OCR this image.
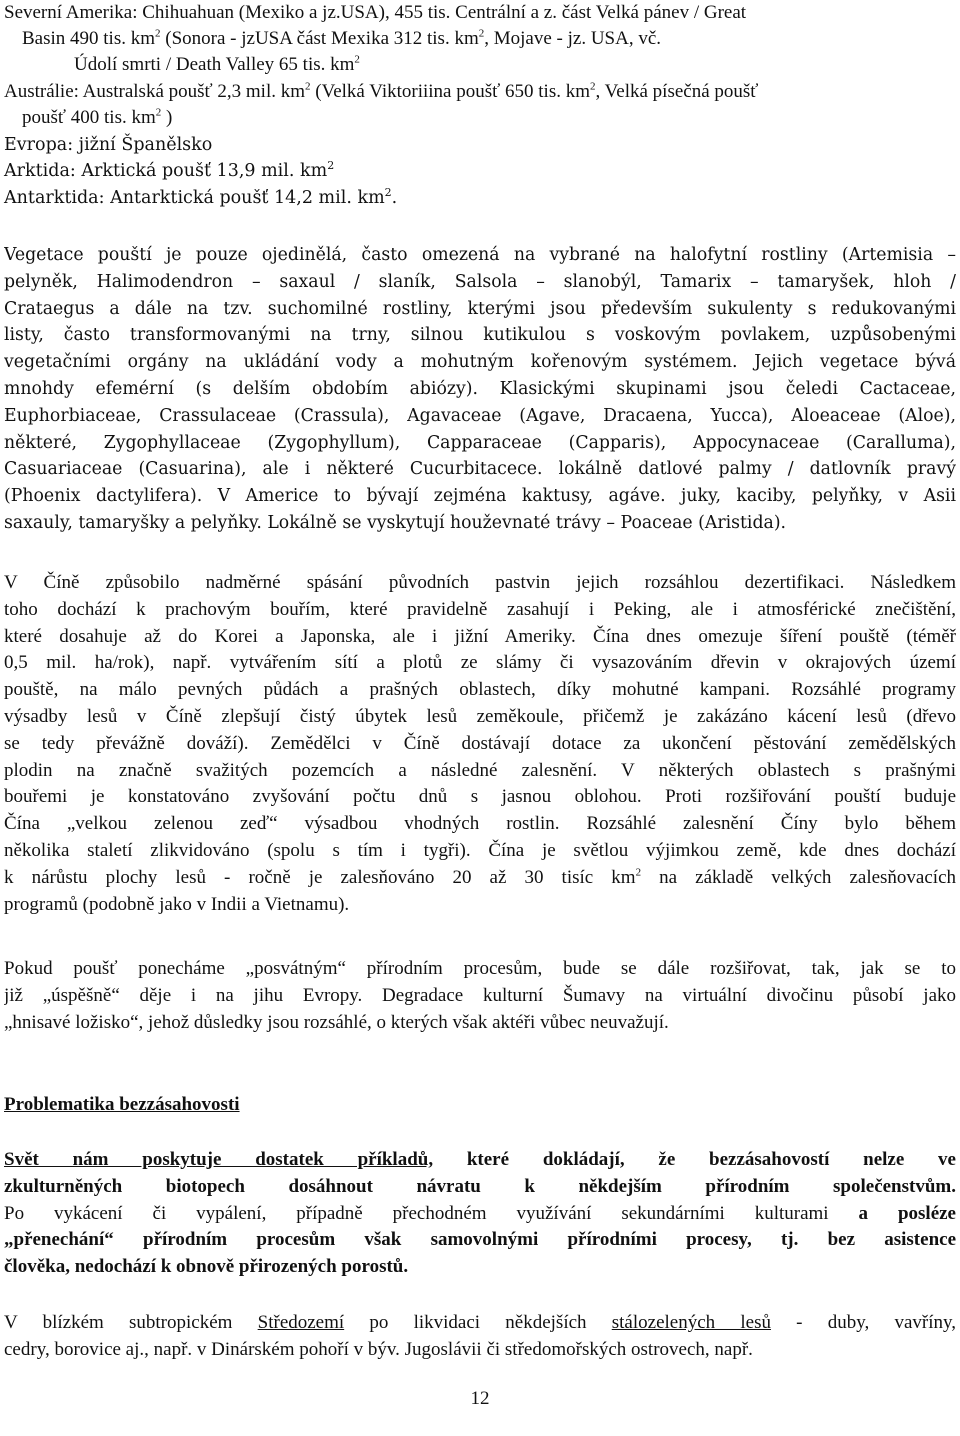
Severní Amerika: Chihuahuan (Mexiko a jz.USA), 455 tis. Centrální a z. část Velká pánev / Great
Basin 490 tis. $km^2$ (Sonora - jzUSA část Mexika 312 tis. $km^2$, Mojave - jz. USA, vč.
Údolí smrti / Death Valley 65 tis. $km^2$
Austrálie: Australská poušť 2,3 mil. $km^2$ (Velká Viktoriiina poušť 650 tis. $km^2$, Velká písečná poušť
poušť 400 tis. $km^2$ )
Evropa: jižní Španělsko
Arktida: Arktická poušť 13,9 mil. $km^2$
Antarktida: Antarktická poušť 14,2 mil. $km^2$.
Vegetace pouští je pouze ojedinělá, často omezená na vybrané na halofytní rostliny (Artemisia –
pelyněk, Halimodendron – saxaul / slaník, Salsola – slanobýl, Tamarix – tamaryšek, hloh /
Crataegus a dále na tzv. suchomilné rostliny, kterými jsou především sukulenty s redukovanými
listy, často transformovanými na trny, silnou kutikulou s voskovým povlakem, uzpůsobenými
vegetačními orgány na ukládání vody a mohutným kořenovým systémem. Jejich vegetace bývá
mnohdy efemérní (s delším obdobím abiózy). Klasickými skupinami jsou čeledi Cactaceae,
Euphorbiaceae, Crassulaceae (Crassula), Agavaceae (Agave, Dracaena, Yucca), Aloeaceae (Aloe),
některé, Zygophyllaceae (Zygophyllum), Capparaceae (Capparis), Appocynaceae (Caralluma),
Casuariaceae (Casuarina), ale i některé Cucurbitacece. lokálně datlové palmy / datlovník pravý
(Phoenix dactylifera). V Americe to bývají zejména kaktusy, agáve. juky, kaciby, pelyňky, v Asii
saxauly, tamaryšky a pelyňky. Lokálně se vyskytují houževnaté trávy – Poaceae (Aristida).
V Číně způsobilo nadměrné spásání původních pastvin jejich rozsáhlou dezertifikaci. Následkem
toho dochází k prachovým bouřím, které pravidelně zasahují i Peking, ale i atmosférické znečištění,
které dosahuje až do Korei a Japonska, ale i jižní Ameriky. Čína dnes omezuje šíření pouště (téměř
0,5 mil. ha/rok), např. vytvářením sítí a plotů ze slámy či vysazováním dřevin v okrajových území
pouště, na málo pevných půdách a prašných oblastech, díky mohutné kampani. Rozsáhlé programy
výsadby lesů v Číně zlepšují čistý úbytek lesů zeměkoule, přičemž je zakázáno kácení lesů (dřevo
se tedy převážně dováží). Zemědělci v Číně dostávají dotace za ukončení pěstování zemědělských
plodin na značně svažitých pozemcích a následné zalesnění. V některých oblastech s prašnými
bouřemi je konstatováno zvyšování počtu dnů s jasnou oblohou. Proti rozšiřování pouští buduje
Čína „velkou zelenou zeď“ výsadbou vhodných rostlin. Rozsáhlé zalesnění Číny bylo během
několika staletí zlikvidováno (spolu s tím i tygři). Čína je světlou výjimkou země, kde dnes dochází
k nárůstu plochy lesů - ročně je zalesňováno 20 až 30 tisíc $km^2$ na základě velkých zalesňovacích
programů (podobně jako v Indii a Vietnamu).
Pokud poušť ponecháme „posvátným“ přírodním procesům, bude se dále rozšiřovat, tak, jak se to
již „úspěšně“ děje i na jihu Evropy. Degradace kulturní Šumavy na virtuální divočinu působí jako
„hnisavé ložisko“, jehož důsledky jsou rozsáhlé, o kterých však aktéři vůbec neuvažují.
Problematika bezzásahovosti
Svět nám poskytuje dostatek příkladů, které dokládají, že bezzásahovostí nelze ve
zkulturněných biotopech dosáhnout návratu k někdejším přírodním společenstvům.
Po vykácení či vypálení, případně přechodném využívání sekundárními kulturami a posléze
„přenechání“ přírodním procesům však samovolnými přírodními procesy, tj. bez asistence
člověka, nedochází k obnově přirozených porostů.
V blízkém subtropickém Středozemí po likvidaci někdejších stálozelených lesů - duby, vavříny,
cedry, borovice aj., např. v Dinárském pohoří v býv. Jugoslávii či středomořských ostrovech, např.
12
